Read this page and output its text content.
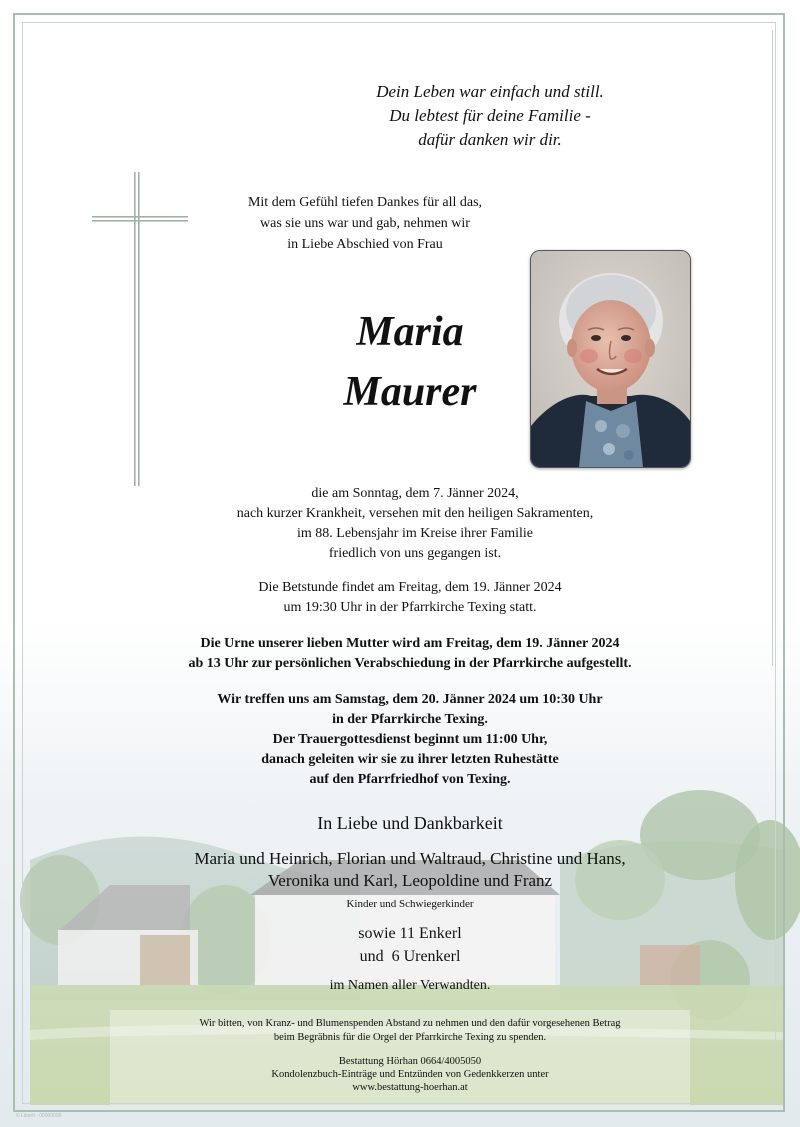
Dein Leben war einfach und still.
Du lebtest für deine Familie -
dafür danken wir dir.
Mit dem Gefühl tiefen Dankes für all das,
was sie uns war und gab, nehmen wir
in Liebe Abschied von Frau
Maria
Maurer
die am Sonntag, dem 7. Jänner 2024,
nach kurzer Krankheit, versehen mit den heiligen Sakramenten,
im 88. Lebensjahr im Kreise ihrer Familie
friedlich von uns gegangen ist.
Die Betstunde findet am Freitag, dem 19. Jänner 2024
um 19:30 Uhr in der Pfarrkirche Texing statt.
Die Urne unserer lieben Mutter wird am Freitag, dem 19. Jänner 2024
ab 13 Uhr zur persönlichen Verabschiedung in der Pfarrkirche aufgestellt.
Wir treffen uns am Samstag, dem 20. Jänner 2024 um 10:30 Uhr
in der Pfarrkirche Texing.
Der Trauergottesdienst beginnt um 11:00 Uhr,
danach geleiten wir sie zu ihrer letzten Ruhestätte
auf den Pfarrfriedhof von Texing.
In Liebe und Dankbarkeit
Maria und Heinrich, Florian und Waltraud, Christine und Hans,
Veronika und Karl, Leopoldine und Franz
Kinder und Schwiegerkinder
sowie 11 Enkerl
und  6 Urenkerl
im Namen aller Verwandten.
Wir bitten, von Kranz- und Blumenspenden Abstand zu nehmen und den dafür vorgesehenen Betrag
beim Begräbnis für die Orgel der Pfarrkirche Texing zu spenden.
Bestattung Hörhan 0664/4005050
Kondolenzbuch-Einträge und Entzünden von Gedenkkerzen unter
www.bestattung-hoerhan.at
© Libertl - 00000000
